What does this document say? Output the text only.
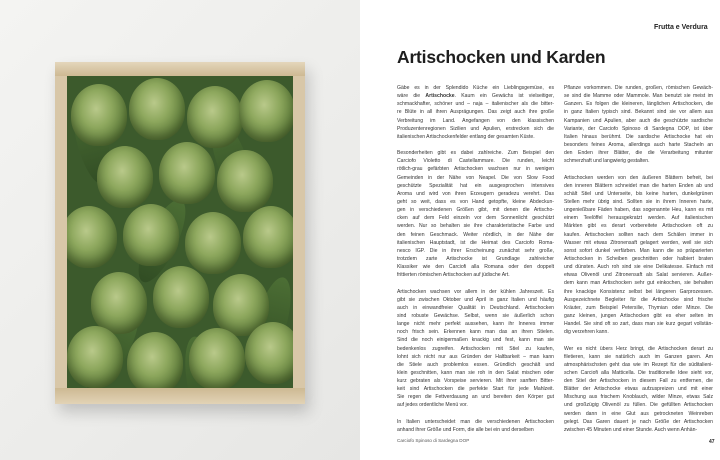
Frutta e Verdura
Artischocken und Karden
Gäbe es in der Splendido Küche ein Lieblingsgemüse, es
wäre die Artischocke. Kaum ein Gewächs ist vielseitiger,
schmackhafter, schöner und – naja – italienischer als die bitter-
re Blüte in all ihren Ausprägungen. Das zeigt auch ihre große
Verbreitung im Land. Angefangen von den klassischen
Produzentenregionen Sizilien und Apulien, erstrecken sich die
italienischen Artischockenfelder entlang der gesamten Küste.
Besonderheiten gibt es dabei zahlreiche. Zum Beispiel den
Carciofo Violetto di Castellammare. Die runden, leicht
rötlich-grau gefärbten Artischocken wachsen nur in wenigen
Gemeinden in der Nähe von Neapel. Die von Slow Food
geschützte Spezialität hat ein ausgesprochen intensives
Aroma und wird von ihren Erzeugern geradezu verehrt. Das
geht so weit, dass es von Hand getopfte, kleine Abdeckun-
gen in verschiedenen Größen gibt, mit denen die Artischo-
cken auf dem Feld einzeln vor dem Sonnenlicht geschützt
werden. Nur so behalten sie ihre charakteristische Farbe und
den feinen Geschmack. Weiter nördlich, in der Nähe der
italienischen Hauptstadt, ist die Heimat des Carciofo Roma-
nesco IGP. Die in ihrer Erscheinung zunächst sehr große,
trotzdem zarte Artischocke ist Grundlage zahlreicher
Klassiker wie den Carciofi alla Romana oder den doppelt
frittierten römischen Artischocken auf jüdische Art.
Artischocken wachsen vor allem in der kühlen Jahreszeit. Es
gibt sie zwischen Oktober und April in ganz Italien und häufig
auch in einwandfreier Qualität in Deutschland. Artischocken
sind robuste Gewächse. Selbst, wenn sie äußerlich schon
lange nicht mehr perfekt aussehen, kann ihr Inneres immer
noch frisch sein. Erkennen kann man das an ihren Stielen.
Sind die noch einigermaßen knackig und fest, kann man sie
bedenkenlos zugreifen. Artischocken mit Stiel zu kaufen,
lohnt sich nicht nur aus Gründen der Haltbarkeit – man kann
die Stiele auch problemlos essen. Gründlich geschält und
klein geschnitten, kann man sie roh in den Salat mischen oder
kurz gebraten als Vorspeise servieren. Mit ihrer sanften Bitter-
keit sind Artischocken die perfekte Start für jede Mahlzeit.
Sie regen die Fettverdauung an und bereiten den Körper gut
auf jedes ordentliche Menü vor.
In Italien unterscheidet man die verschiedenen Artischocken
anhand ihrer Größe und Form, die alle bei ein und derselben
Pflanze vorkommen. Die runden, großen, römischen Gewäch-
se sind die Mamme oder Mammole. Man benutzt sie meist im
Ganzen. Es folgen die kleineren, länglichen Artischocken, die
in ganz Italien typisch sind. Bekannt sind sie vor allem aus
Kampanien und Apulien, aber auch die geschützte sardische
Variante, der Carciofo Spinoso di Sardegna DOP, ist über
Italien hinaus berühmt. Die sardische Artischocke hat ein
besonders feines Aroma, allerdings auch harte Stacheln an
den Enden ihrer Blätter, die die Verarbeitung mitunter
schmerzhaft und langwierig gestalten.
Artischocken werden von den äußeren Blättern befreit, bei
den inneren Blättern schneidet man die harten Enden ab und
schält Stiel und Unterseite, bis keine harten, dunkelgrünen
Stellen mehr übrig sind. Sollten sie in ihrem Inneren harte,
ungenießbare Fäden haben, das sogenannte Heu, kann es mit
einem Teelöffel herausgekratzt werden. Auf italienischen
Märkten gibt es derart vorbereitete Artischocken oft zu
kaufen. Artischocken sollten nach dem Schälen immer in
Wasser mit etwas Zitronensaft gelagert werden, weil sie sich
sonst sofort dunkel verfärben. Man kann die so präparierten
Artischocken in Scheiben geschnitten oder halbiert braten
und dünsten. Auch roh sind sie eine Delikatesse. Einfach mit
etwas Olivenöl und Zitronensaft als Salat servieren. Außer-
dem kann man Artischocken sehr gut einkochen, sie behalten
ihre knackige Konsistenz selbst bei längeren Garprozessen.
Ausgezeichnete Begleiter für die Artischocke sind frische
Kräuter, zum Beispiel Petersilie, Thymian oder Minze. Die
ganz kleinen, jungen Artischocken gibt es eher selten im
Handel. Sie sind oft so zart, dass man sie kurz gegart vollstän-
dig verzehren kann.
Wer es nicht übers Herz bringt, die Artischocken derart zu
filetieren, kann sie natürlich auch im Ganzen garen. Am
atmosphärischsten geht das wie im Rezept für die süditalieni-
schen Carciofi alla Matticella. Die traditionelle Idee sieht vor,
den Stiel der Artischocken in diesem Fall zu entfernen, die
Blätter der Artischocke etwas aufzuspreizen und mit einer
Mischung aus frischem Knoblauch, wilder Minze, etwas Salz
und großzügig Olivenöl zu füllen. Die gefüllten Artischocken
werden dann in eine Glut aus getrockneten Weinreben
gelegt. Das Garen dauert je nach Größe der Artischocken
zwischen 45 Minuten und einer Stunde. Auch wenn Anhän-
Carciofo Spinoso di Sardegna DOP	47
